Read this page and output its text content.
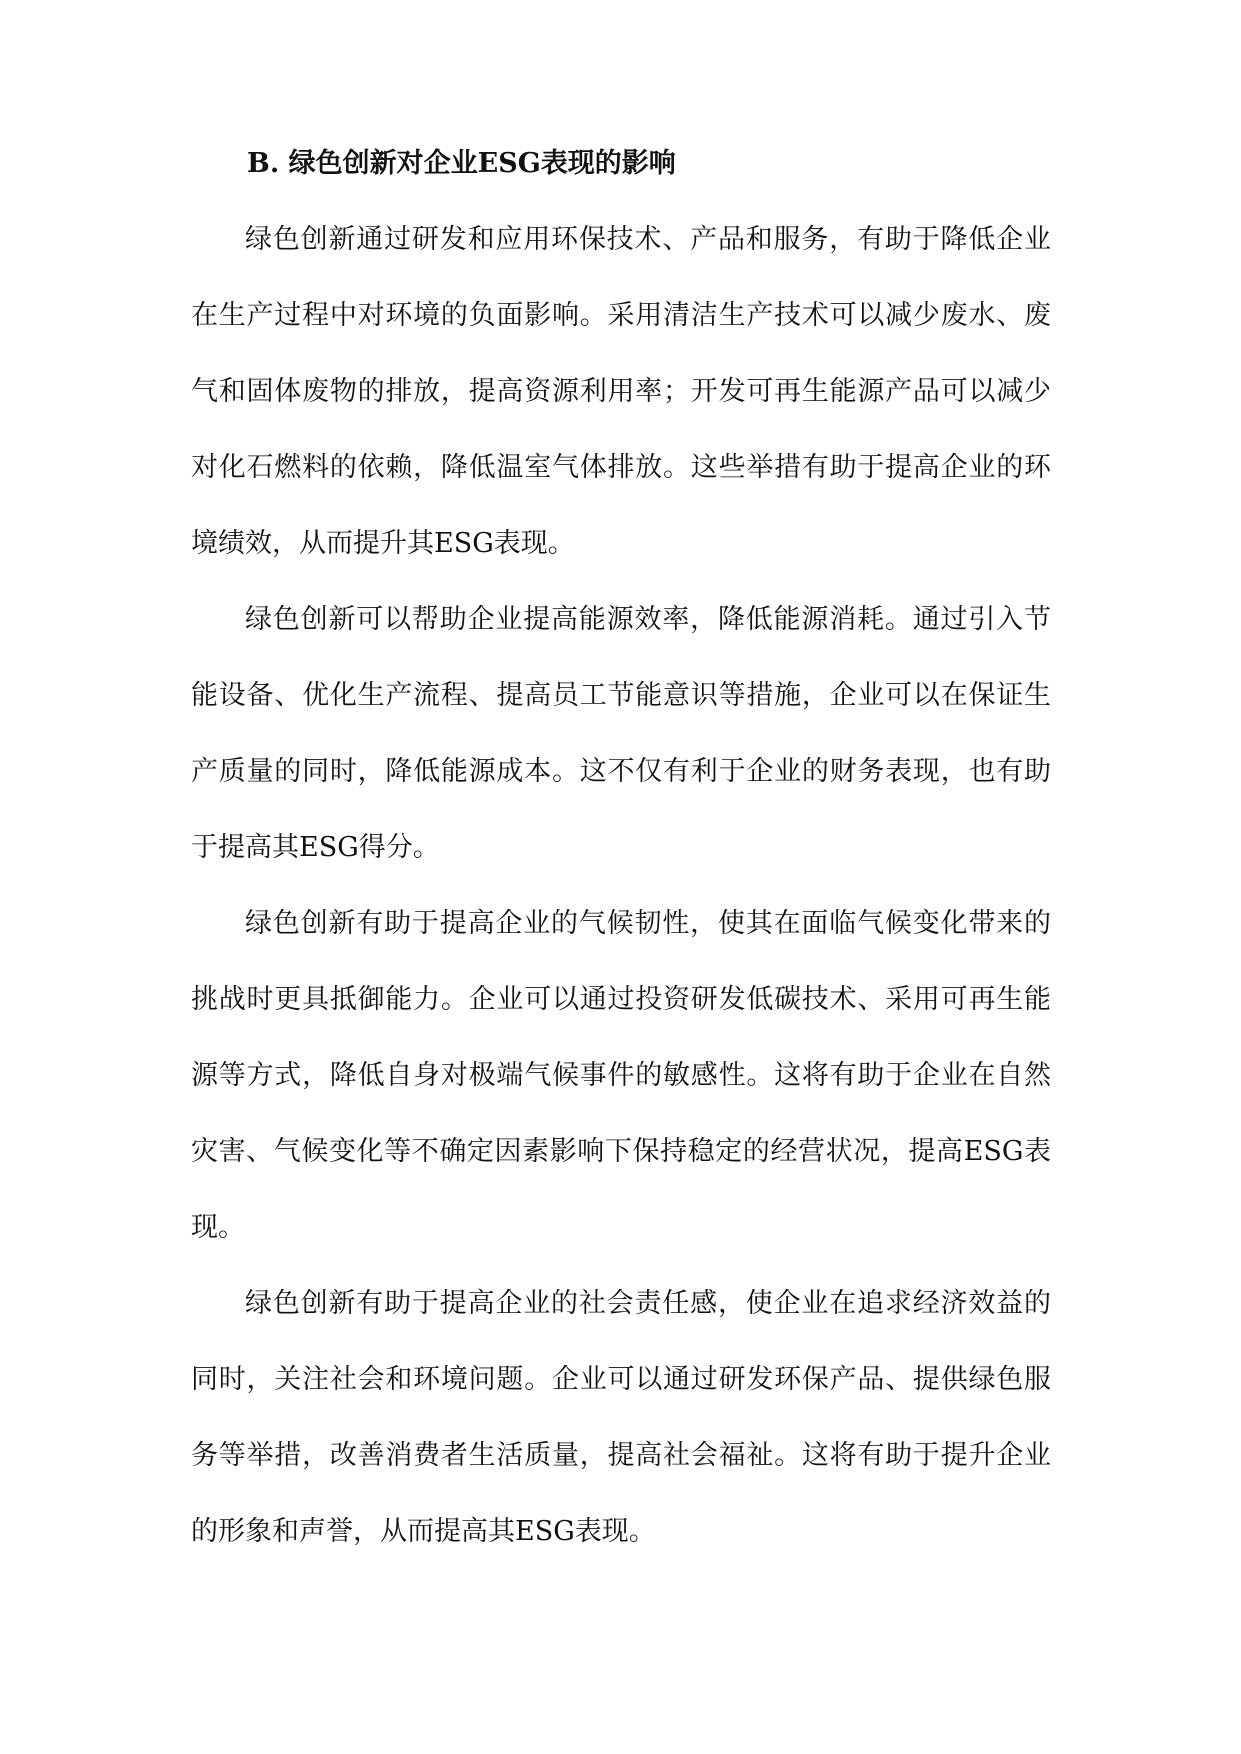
B. 绿色创新对企业ESG表现的影响

绿色创新通过研发和应用环保技术、产品和服务，有助于降低企业在生产过程中对环境的负面影响。采用清洁生产技术可以减少废水、废气和固体废物的排放，提高资源利用率；开发可再生能源产品可以减少对化石燃料的依赖，降低温室气体排放。这些举措有助于提高企业的环境绩效，从而提升其ESG表现。

绿色创新可以帮助企业提高能源效率，降低能源消耗。通过引入节能设备、优化生产流程、提高员工节能意识等措施，企业可以在保证生产质量的同时，降低能源成本。这不仅有利于企业的财务表现，也有助于提高其ESG得分。

绿色创新有助于提高企业的气候韧性，使其在面临气候变化带来的挑战时更具抵御能力。企业可以通过投资研发低碳技术、采用可再生能源等方式，降低自身对极端气候事件的敏感性。这将有助于企业在自然灾害、气候变化等不确定因素影响下保持稳定的经营状况，提高ESG表现。

绿色创新有助于提高企业的社会责任感，使企业在追求经济效益的同时，关注社会和环境问题。企业可以通过研发环保产品、提供绿色服务等举措，改善消费者生活质量，提高社会福祉。这将有助于提升企业的形象和声誉，从而提高其ESG表现。
